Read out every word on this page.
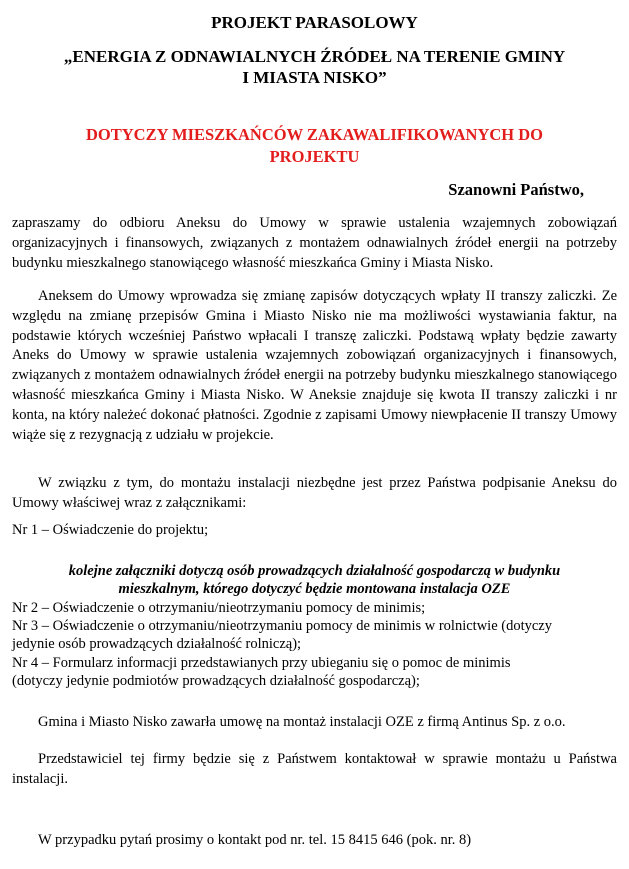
PROJEKT PARASOLOWY
„ENERGIA Z ODNAWIALNYCH ŹRÓDEŁ NA TERENIE GMINY
I MIASTA NISKO”
DOTYCZY MIESZKAŃCÓW ZAKAWALIFIKOWANYCH DO
PROJEKTU
Szanowni Państwo,
zapraszamy do odbioru Aneksu do Umowy w sprawie ustalenia wzajemnych zobowiązań organizacyjnych i finansowych, związanych z montażem odnawialnych źródeł energii na potrzeby budynku mieszkalnego stanowiącego własność mieszkańca Gminy i Miasta Nisko.
Aneksem do Umowy wprowadza się zmianę zapisów dotyczących wpłaty II transzy zaliczki. Ze względu na zmianę przepisów Gmina i Miasto Nisko nie ma możliwości wystawiania faktur, na podstawie których wcześniej Państwo wpłacali I transzę zaliczki. Podstawą wpłaty będzie zawarty Aneks do Umowy w sprawie ustalenia wzajemnych zobowiązań organizacyjnych i finansowych, związanych z montażem odnawialnych źródeł energii na potrzeby budynku mieszkalnego stanowiącego własność mieszkańca Gminy i Miasta Nisko. W Aneksie znajduje się kwota II transzy zaliczki i nr konta, na który należeć dokonać płatności. Zgodnie z zapisami Umowy niewpłacenie II transzy Umowy wiąże się z rezygnacją z udziału w projekcie.
W związku z tym, do montażu instalacji niezbędne jest przez Państwa podpisanie Aneksu do Umowy właściwej wraz z załącznikami:
Nr 1 – Oświadczenie do projektu;
kolejne załączniki dotyczą osób prowadzących działalność gospodarczą w budynku
mieszkalnym, którego dotyczyć będzie montowana instalacja OZE
Nr 2 – Oświadczenie o otrzymaniu/nieotrzymaniu pomocy de minimis;
Nr 3 – Oświadczenie o otrzymaniu/nieotrzymaniu pomocy de minimis w rolnictwie (dotyczy
jedynie osób prowadzących działalność rolniczą);
Nr 4 – Formularz informacji przedstawianych przy ubieganiu się o pomoc de minimis
(dotyczy jedynie podmiotów prowadzących działalność gospodarczą);
Gmina i Miasto Nisko zawarła umowę na montaż instalacji OZE z firmą Antinus Sp. z o.o.
Przedstawiciel tej firmy będzie się z Państwem kontaktował w sprawie montażu u Państwa instalacji.
W przypadku pytań prosimy o kontakt pod nr. tel. 15 8415 646 (pok. nr. 8)
